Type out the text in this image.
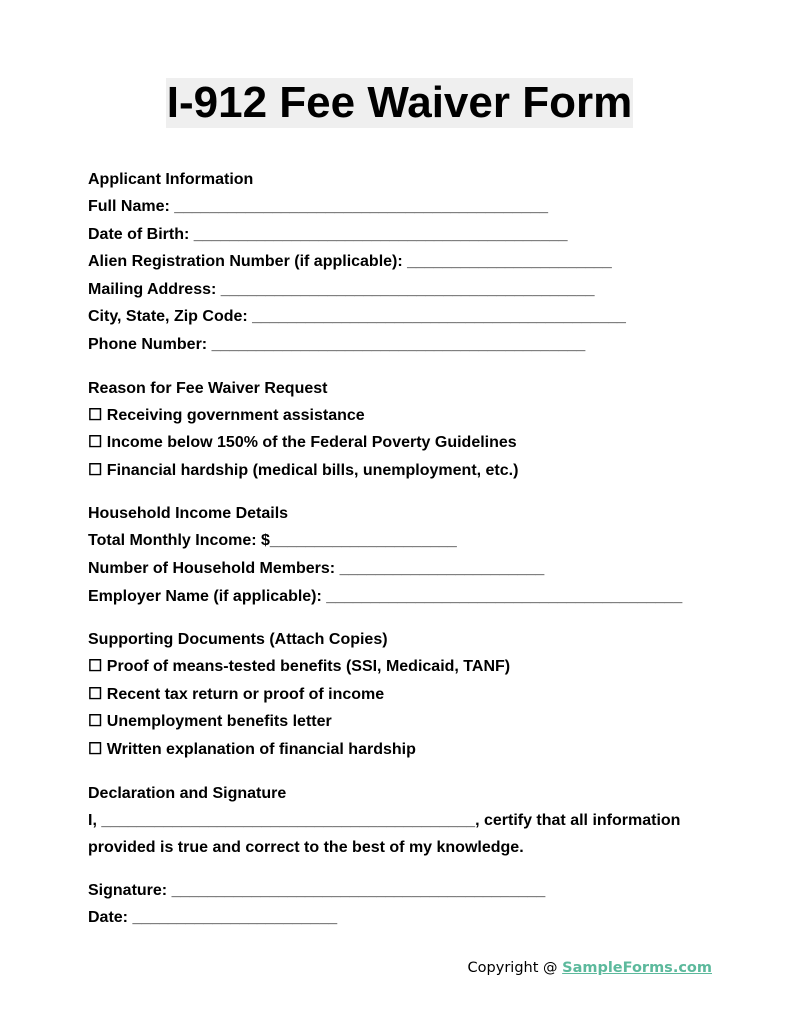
I-912 Fee Waiver Form
Applicant Information
Full Name: __________________________________________
Date of Birth: __________________________________________
Alien Registration Number (if applicable): _______________________
Mailing Address: __________________________________________
City, State, Zip Code: __________________________________________
Phone Number: __________________________________________
Reason for Fee Waiver Request
☐ Receiving government assistance
☐ Income below 150% of the Federal Poverty Guidelines
☐ Financial hardship (medical bills, unemployment, etc.)
Household Income Details
Total Monthly Income: $_____________________
Number of Household Members: _______________________
Employer Name (if applicable): ________________________________________
Supporting Documents (Attach Copies)
☐ Proof of means-tested benefits (SSI, Medicaid, TANF)
☐ Recent tax return or proof of income
☐ Unemployment benefits letter
☐ Written explanation of financial hardship
Declaration and Signature
I, __________________________________________, certify that all information provided is true and correct to the best of my knowledge.
Signature: __________________________________________
Date: _______________________
Copyright @ SampleForms.com
